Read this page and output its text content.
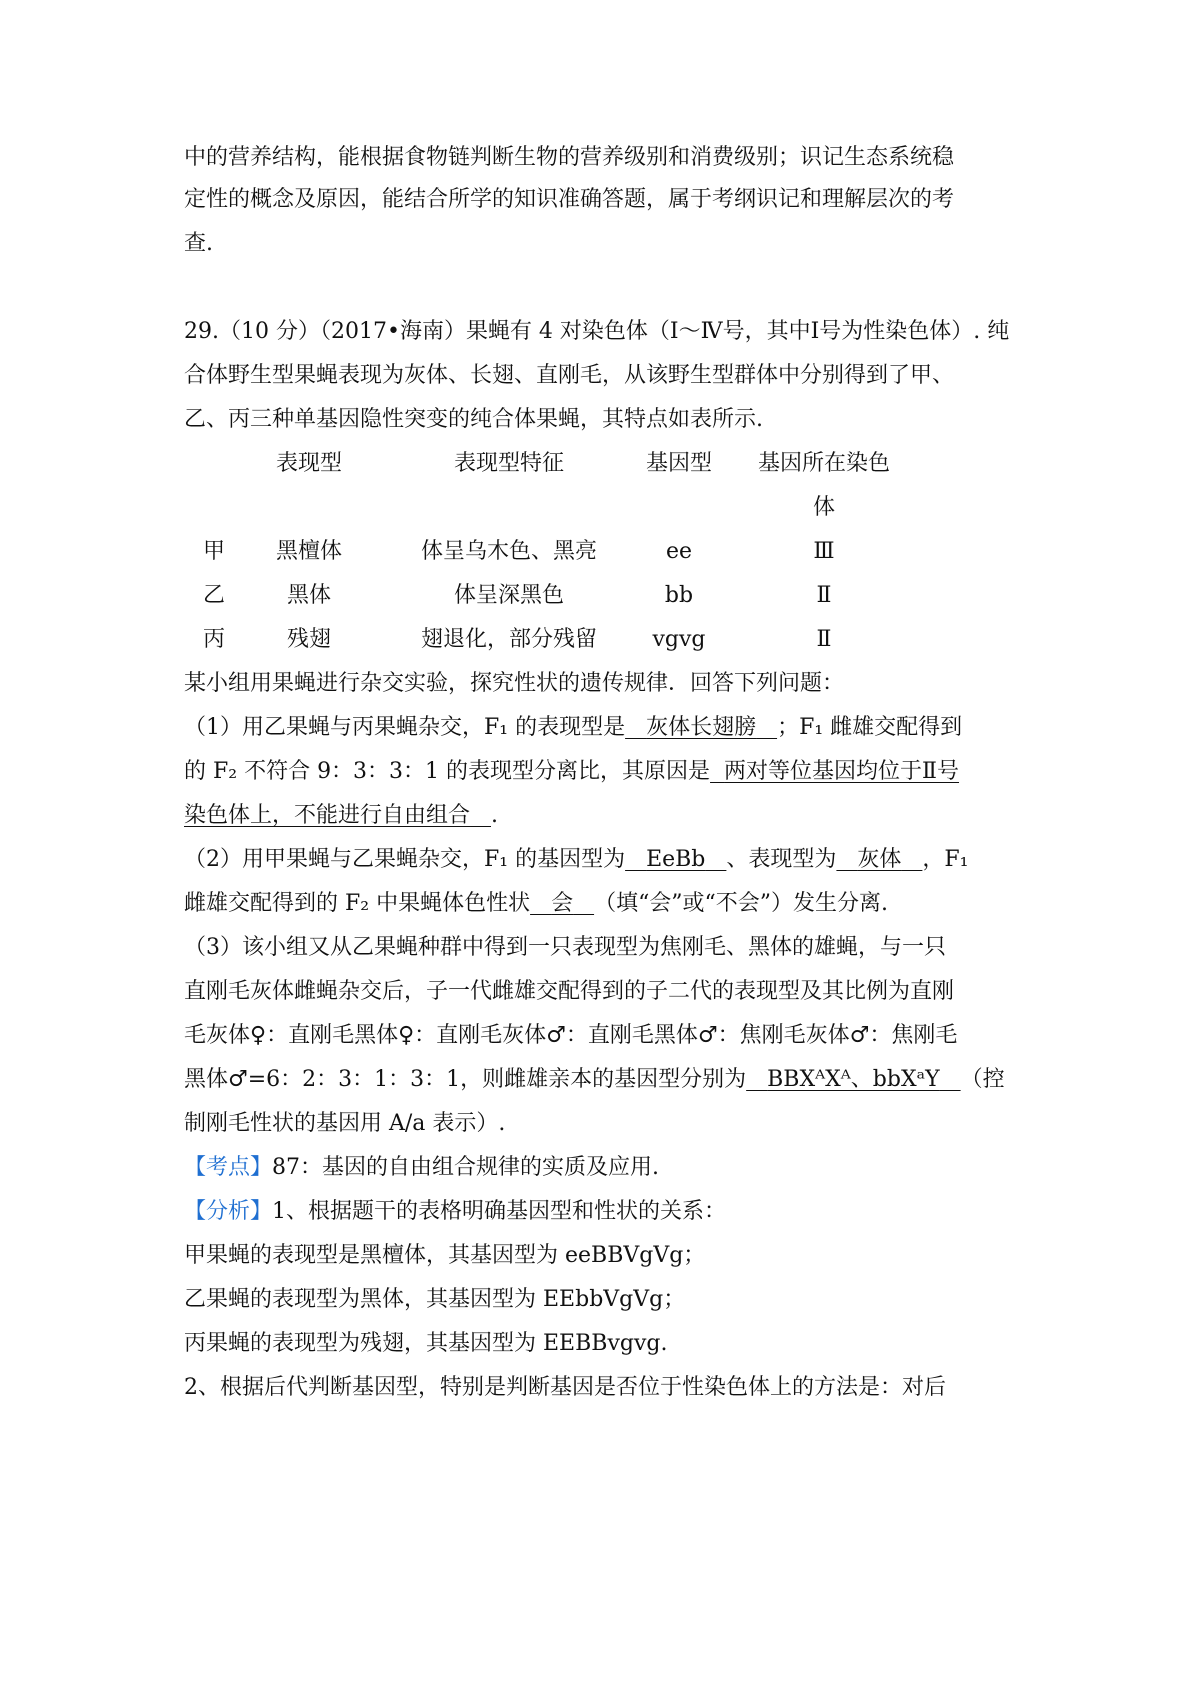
中的营养结构，能根据食物链判断生物的营养级别和消费级别；识记生态系统稳
定性的概念及原因，能结合所学的知识准确答题，属于考纲识记和理解层次的考
查.
29.（10 分）（2017•海南）果蝇有 4 对染色体（Ⅰ～Ⅳ号，其中Ⅰ号为性染色体）. 纯
合体野生型果蝇表现为灰体、长翅、直刚毛，从该野生型群体中分别得到了甲、
乙、丙三种单基因隐性突变的纯合体果蝇，其特点如表所示.
表现型	表现型特征	基因型	基因所在染色
体
甲	黑檀体	体呈乌木色、黑亮	ee	Ⅲ
乙	黑体	体呈深黑色	bb	Ⅱ
丙	残翅	翅退化，部分残留	vgvg	Ⅱ
某小组用果蝇进行杂交实验，探究性状的遗传规律．回答下列问题：
（1）用乙果蝇与丙果蝇杂交，F₁ 的表现型是 灰体长翅膀 ；F₁ 雌雄交配得到
的 F₂ 不符合 9：3：3：1 的表现型分离比，其原因是 两对等位基因均位于Ⅱ号
染色体上，不能进行自由组合 .
（2）用甲果蝇与乙果蝇杂交，F₁ 的基因型为 EeBb 、表现型为 灰体 ，F₁
雌雄交配得到的 F₂ 中果蝇体色性状 会 （填“会”或“不会”）发生分离.
（3）该小组又从乙果蝇种群中得到一只表现型为焦刚毛、黑体的雄蝇，与一只
直刚毛灰体雌蝇杂交后，子一代雌雄交配得到的子二代的表现型及其比例为直刚
毛灰体♀：直刚毛黑体♀：直刚毛灰体♂：直刚毛黑体♂：焦刚毛灰体♂：焦刚毛
黑体♂=6：2：3：1：3：1，则雌雄亲本的基因型分别为 BBXᴬXᴬ、bbXᵃY （控
制刚毛性状的基因用 A/a 表示）.
【考点】87：基因的自由组合规律的实质及应用.
【分析】1、根据题干的表格明确基因型和性状的关系：
甲果蝇的表现型是黑檀体，其基因型为 eeBBVgVg；
乙果蝇的表现型为黑体，其基因型为 EEbbVgVg；
丙果蝇的表现型为残翅，其基因型为 EEBBvgvg.
2、根据后代判断基因型，特别是判断基因是否位于性染色体上的方法是：对后
